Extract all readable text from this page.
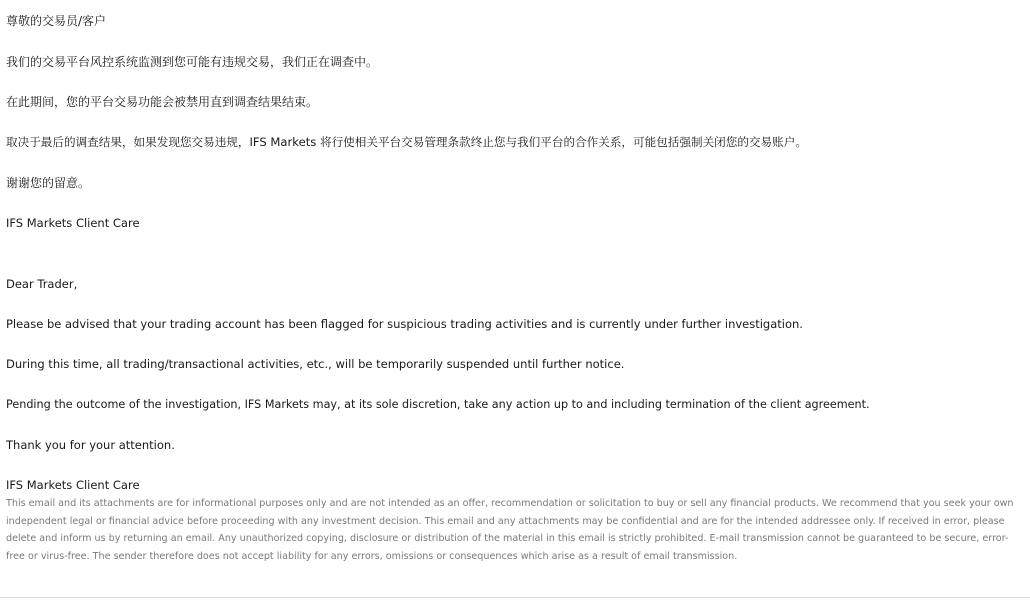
尊敬的交易员/客户
我们的交易平台风控系统监测到您可能有违规交易，我们正在调查中。
在此期间，您的平台交易功能会被禁用直到调查结果结束。
取决于最后的调查结果，如果发现您交易违规，IFS Markets 将行使相关平台交易管理条款终止您与我们平台的合作关系，可能包括强制关闭您的交易账户。
谢谢您的留意。
IFS Markets Client Care
Dear Trader,
Please be advised that your trading account has been flagged for suspicious trading activities and is currently under further investigation.
During this time, all trading/transactional activities, etc., will be temporarily suspended until further notice.
Pending the outcome of the investigation, IFS Markets may, at its sole discretion, take any action up to and including termination of the client agreement.
Thank you for your attention.
IFS Markets Client Care
This email and its attachments are for informational purposes only and are not intended as an offer, recommendation or solicitation to buy or sell any financial products. We recommend that you seek your own independent legal or financial advice before proceeding with any investment decision. This email and any attachments may be confidential and are for the intended addressee only. If received in error, please delete and inform us by returning an email. Any unauthorized copying, disclosure or distribution of the material in this email is strictly prohibited. E-mail transmission cannot be guaranteed to be secure, error-free or virus-free. The sender therefore does not accept liability for any errors, omissions or consequences which arise as a result of email transmission.
